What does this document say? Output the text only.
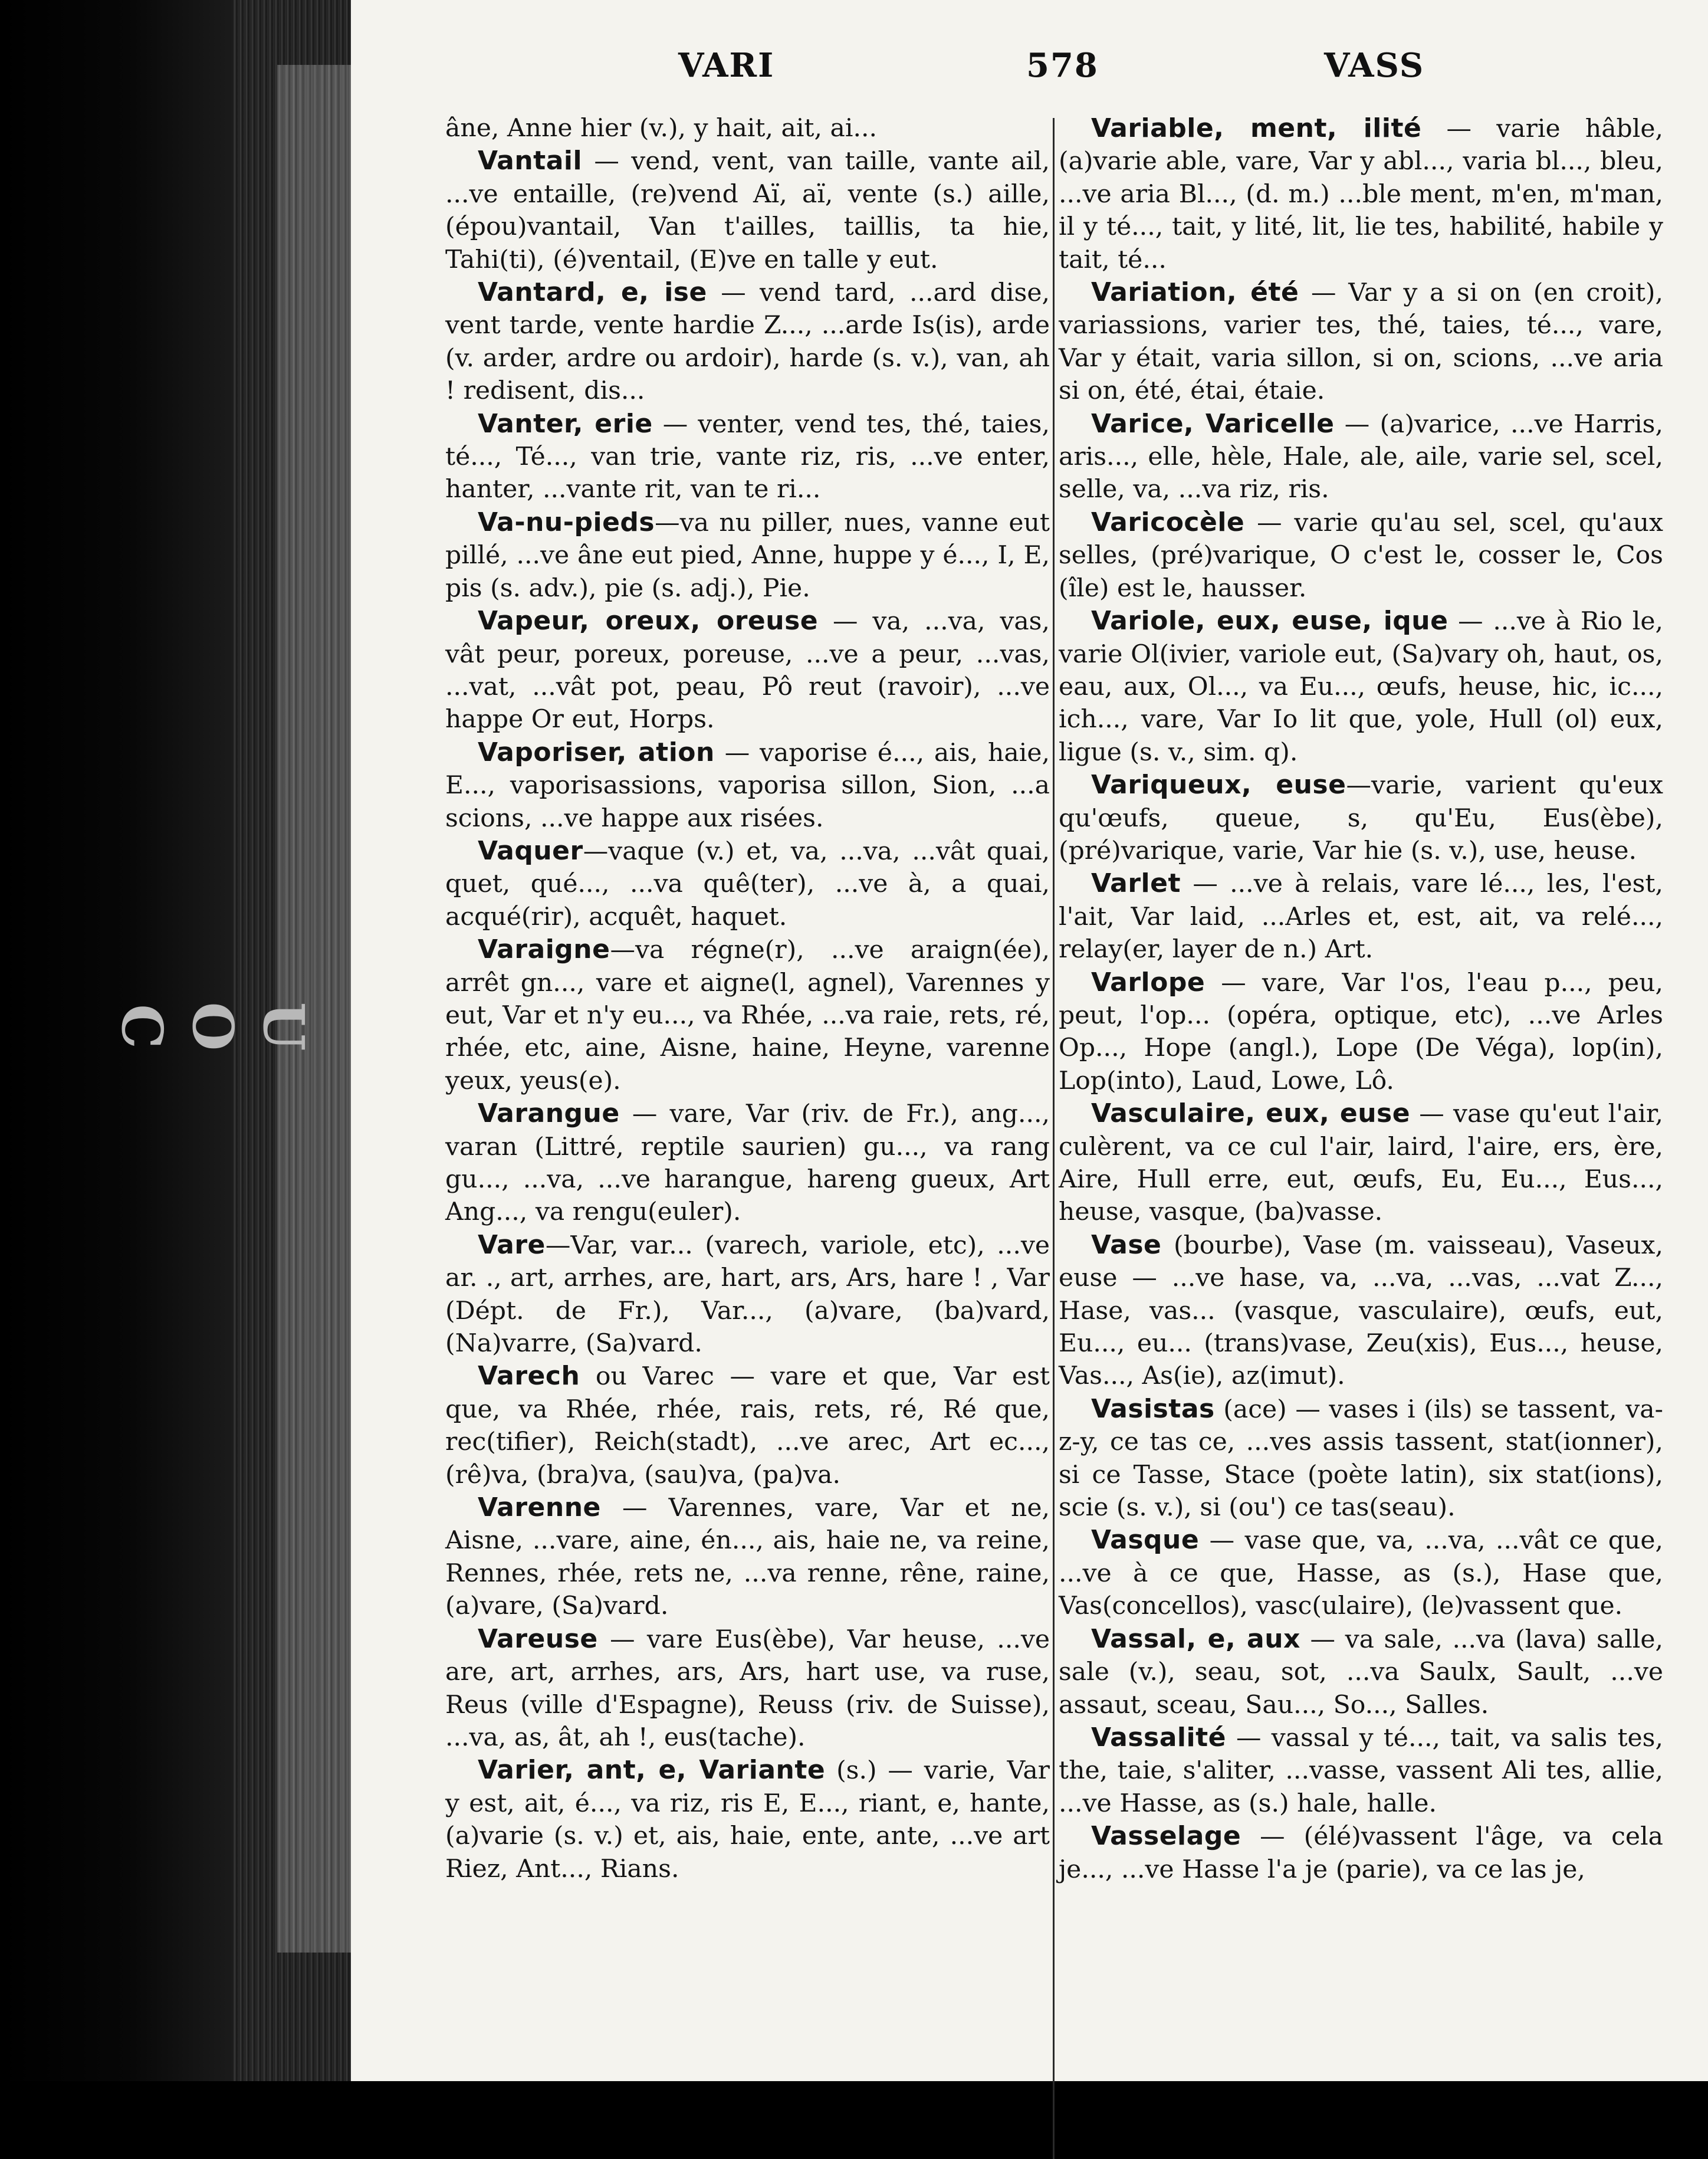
U
O
C
VARI	578	VASS

âne, Anne hier (v.), y hait, ait, ai...

Vantail — vend, vent, van taille, vante ail, ...ve entaille, (re)vend Aï, aï, vente (s.) aille, (épou)vantail, Van t'ailles, taillis, ta hie, Tahi(ti), (é)ventail, (E)ve en talle y eut.

Vantard, e, ise — vend tard, ...ard dise, vent tarde, vente hardie Z..., ...arde Is(is), arde (v. arder, ardre ou ardoir), harde (s. v.), van, ah ! redisent, dis...

Vanter, erie — venter, vend tes, thé, taies, té..., Té..., van trie, vante riz, ris, ...ve enter, hanter, ...vante rit, van te ri...

Va-nu-pieds—va nu piller, nues, vanne eut pillé, ...ve âne eut pied, Anne, huppe y é..., I, E, pis (s. adv.), pie (s. adj.), Pie.

Vapeur, oreux, oreuse — va, ...va, vas, vât peur, poreux, poreuse, ...ve a peur, ...vas, ...vat, ...vât pot, peau, Pô reut (ravoir), ...ve happe Or eut, Horps.

Vaporiser, ation — vaporise é..., ais, haie, E..., vaporisassions, vaporisa sillon, Sion, ...a scions, ...ve happe aux risées.

Vaquer—vaque (v.) et, va, ...va, ...vât quai, quet, qué..., ...va quê(ter), ...ve à, a quai, acqué(rir), acquêt, haquet.

Varaigne—va régne(r), ...ve araign(ée), arrêt gn..., vare et aigne(l, agnel), Varennes y eut, Var et n'y eu..., va Rhée, ...va raie, rets, ré, rhée, etc, aine, Aisne, haine, Heyne, varenne yeux, yeus(e).

Varangue — vare, Var (riv. de Fr.), ang..., varan (Littré, reptile saurien) gu..., va rang gu..., ...va, ...ve harangue, hareng gueux, Art Ang..., va rengu(euler).

Vare—Var, var... (varech, variole, etc), ...ve ar. ., art, arrhes, are, hart, ars, Ars, hare ! , Var (Dépt. de Fr.), Var..., (a)vare, (ba)vard, (Na)varre, (Sa)vard.

Varech ou Varec — vare et que, Var est que, va Rhée, rhée, rais, rets, ré, Ré que, rec(tifier), Reich(stadt), ...ve arec, Art ec..., (rê)va, (bra)va, (sau)va, (pa)va.

Varenne — Varennes, vare, Var et ne, Aisne, ...vare, aine, én..., ais, haie ne, va reine, Rennes, rhée, rets ne, ...va renne, rêne, raine, (a)vare, (Sa)vard.

Vareuse — vare Eus(èbe), Var heuse, ...ve are, art, arrhes, ars, Ars, hart use, va ruse, Reus (ville d'Espagne), Reuss (riv. de Suisse), ...va, as, ât, ah !, eus(tache).

Varier, ant, e, Variante (s.) — varie, Var y est, ait, é..., va riz, ris E, E..., riant, e, hante, (a)varie (s. v.) et, ais, haie, ente, ante, ...ve art Riez, Ant..., Rians.

Variable, ment, ilité — varie hâble, (a)varie able, vare, Var y abl..., varia bl..., bleu, ...ve aria Bl..., (d. m.) ...ble ment, m'en, m'man, il y té..., tait, y lité, lit, lie tes, habilité, habile y tait, té...

Variation, été — Var y a si on (en croit), variassions, varier tes, thé, taies, té..., vare, Var y était, varia sillon, si on, scions, ...ve aria si on, été, étai, étaie.

Varice, Varicelle — (a)varice, ...ve Harris, aris..., elle, hèle, Hale, ale, aile, varie sel, scel, selle, va, ...va riz, ris.

Varicocèle — varie qu'au sel, scel, qu'aux selles, (pré)varique, O c'est le, cosser le, Cos (île) est le, hausser.

Variole, eux, euse, ique — ...ve à Rio le, varie Ol(ivier, variole eut, (Sa)vary oh, haut, os, eau, aux, Ol..., va Eu..., œufs, heuse, hic, ic..., ich..., vare, Var Io lit que, yole, Hull (ol) eux, ligue (s. v., sim. q).

Variqueux, euse—varie, varient qu'eux qu'œufs, queue, s, qu'Eu, Eus(èbe), (pré)varique, varie, Var hie (s. v.), use, heuse.

Varlet — ...ve à relais, vare lé..., les, l'est, l'ait, Var laid, ...Arles et, est, ait, va relé..., relay(er, layer de n.) Art.

Varlope — vare, Var l'os, l'eau p..., peu, peut, l'op... (opéra, optique, etc), ...ve Arles Op..., Hope (angl.), Lope (De Véga), lop(in), Lop(into), Laud, Lowe, Lô.

Vasculaire, eux, euse — vase qu'eut l'air, culèrent, va ce cul l'air, laird, l'aire, ers, ère, Aire, Hull erre, eut, œufs, Eu, Eu..., Eus..., heuse, vasque, (ba)vasse.

Vase (bourbe), Vase (m. vaisseau), Vaseux, euse — ...ve hase, va, ...va, ...vas, ...vat Z..., Hase, vas... (vasque, vasculaire), œufs, eut, Eu..., eu... (trans)vase, Zeu(xis), Eus..., heuse, Vas..., As(ie), az(imut).

Vasistas (ace) — vases i (ils) se tassent, va-z-y, ce tas ce, ...ves assis tassent, stat(ionner), si ce Tasse, Stace (poète latin), six stat(ions), scie (s. v.), si (ou') ce tas(seau).

Vasque — vase que, va, ...va, ...vât ce que, ...ve à ce que, Hasse, as (s.), Hase que, Vas(concellos), vasc(ulaire), (le)vassent que.

Vassal, e, aux — va sale, ...va (lava) salle, sale (v.), seau, sot, ...va Saulx, Sault, ...ve assaut, sceau, Sau..., So..., Salles.

Vassalité — vassal y té..., tait, va salis tes, the, taie, s'aliter, ...vasse, vassent Ali tes, allie, ...ve Hasse, as (s.) hale, halle.

Vasselage — (élé)vassent l'âge, va cela je..., ...ve Hasse l'a je (parie), va ce las je,
